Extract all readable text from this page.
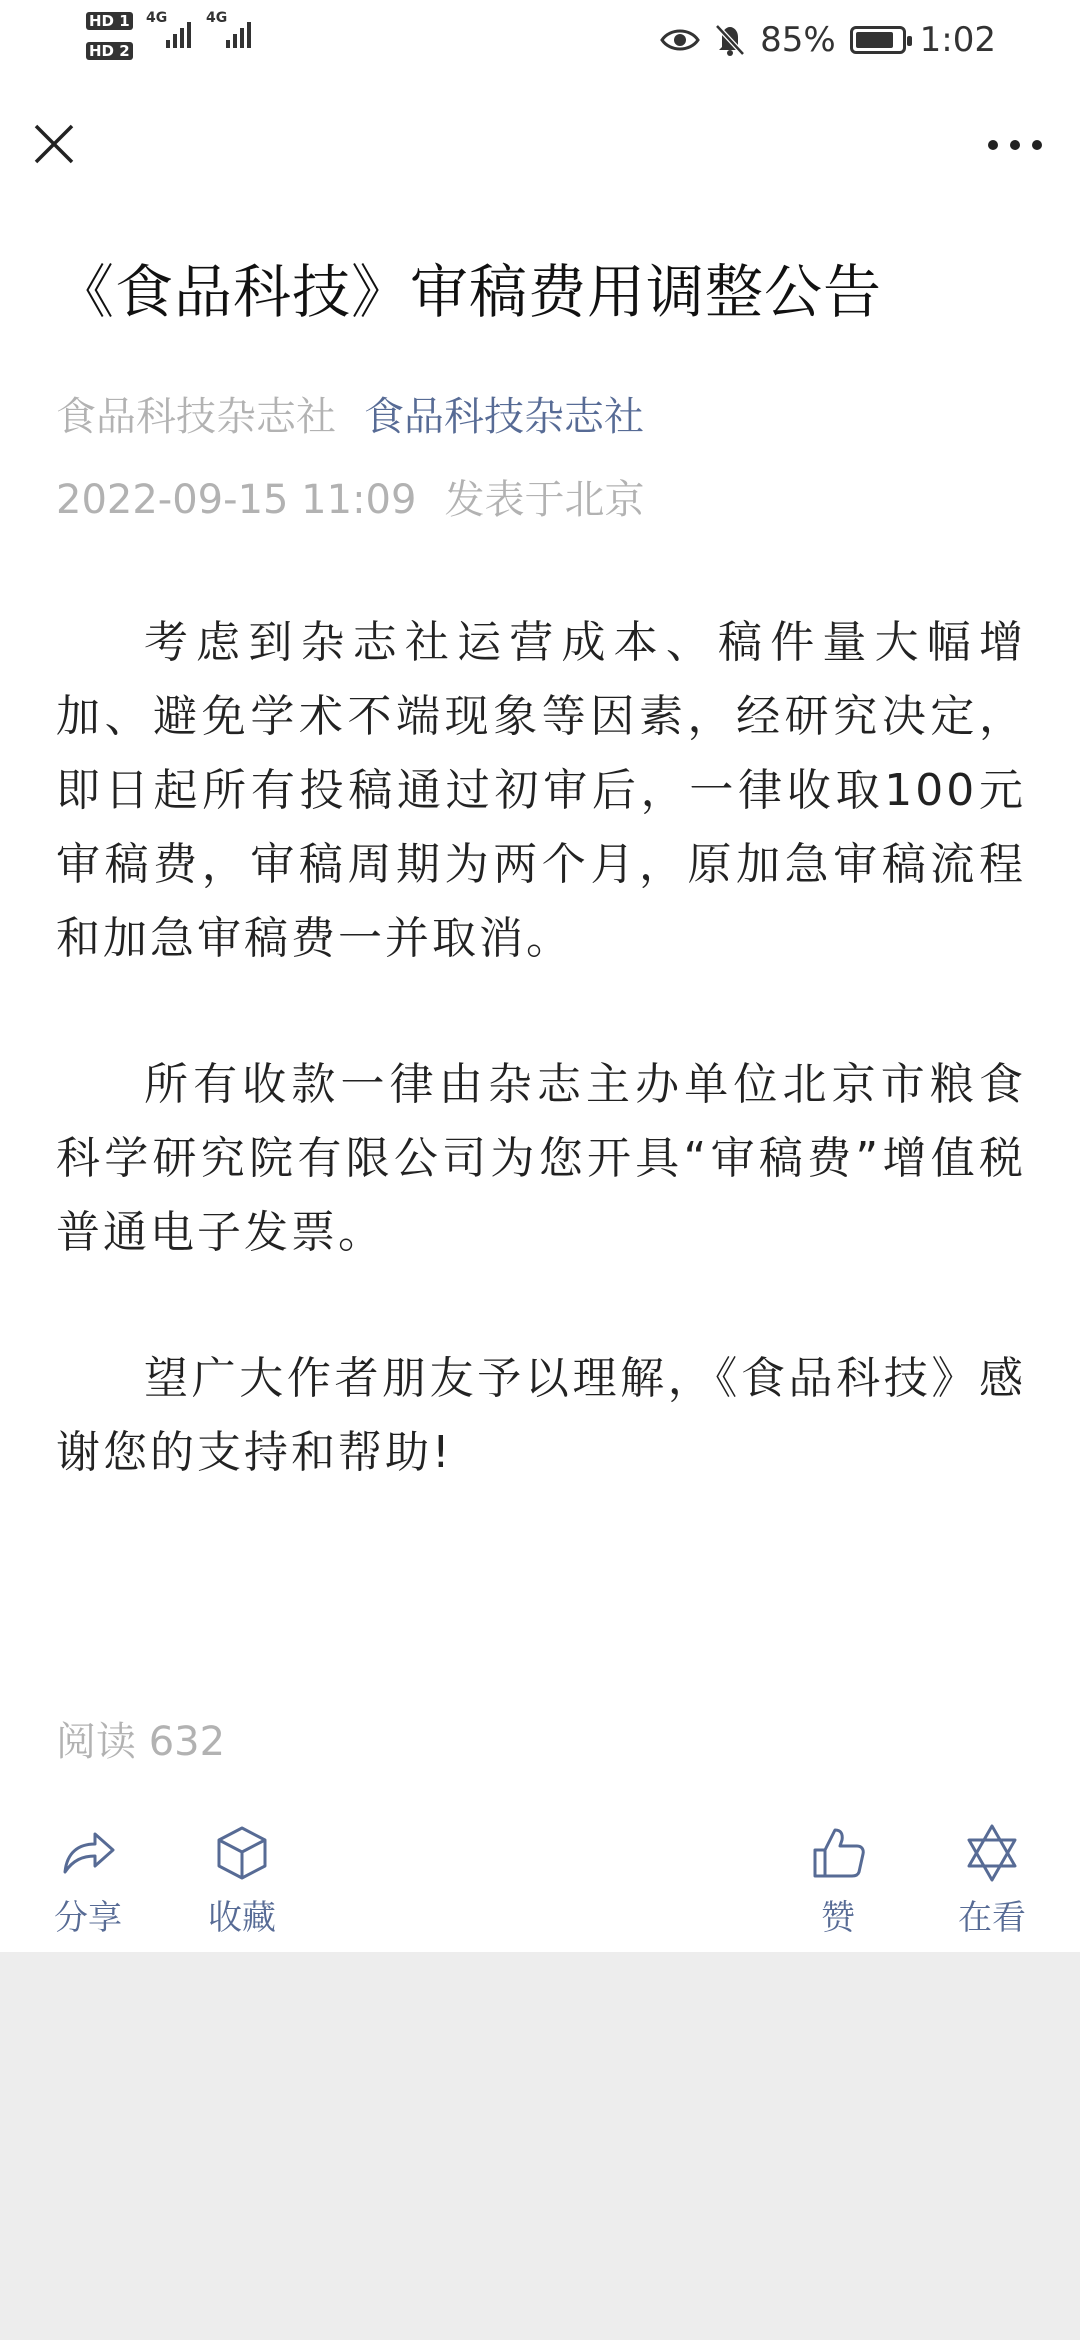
HD 1
HD 2
4G	4G
85% 1:02
《食品科技》审稿费用调整公告
食品科技杂志社 食品科技杂志社
2022-09-15 11:09 发表于北京

考虑到杂志社运营成本、稿件量大幅增加、避免学术不端现象等因素，经研究决定，即日起所有投稿通过初审后，一律收取100元审稿费，审稿周期为两个月，原加急审稿流程和加急审稿费一并取消。

所有收款一律由杂志主办单位北京市粮食科学研究院有限公司为您开具“审稿费”增值税普通电子发票。

望广大作者朋友予以理解，《食品科技》感谢您的支持和帮助!

阅读 632
分享	收藏	赞	在看
